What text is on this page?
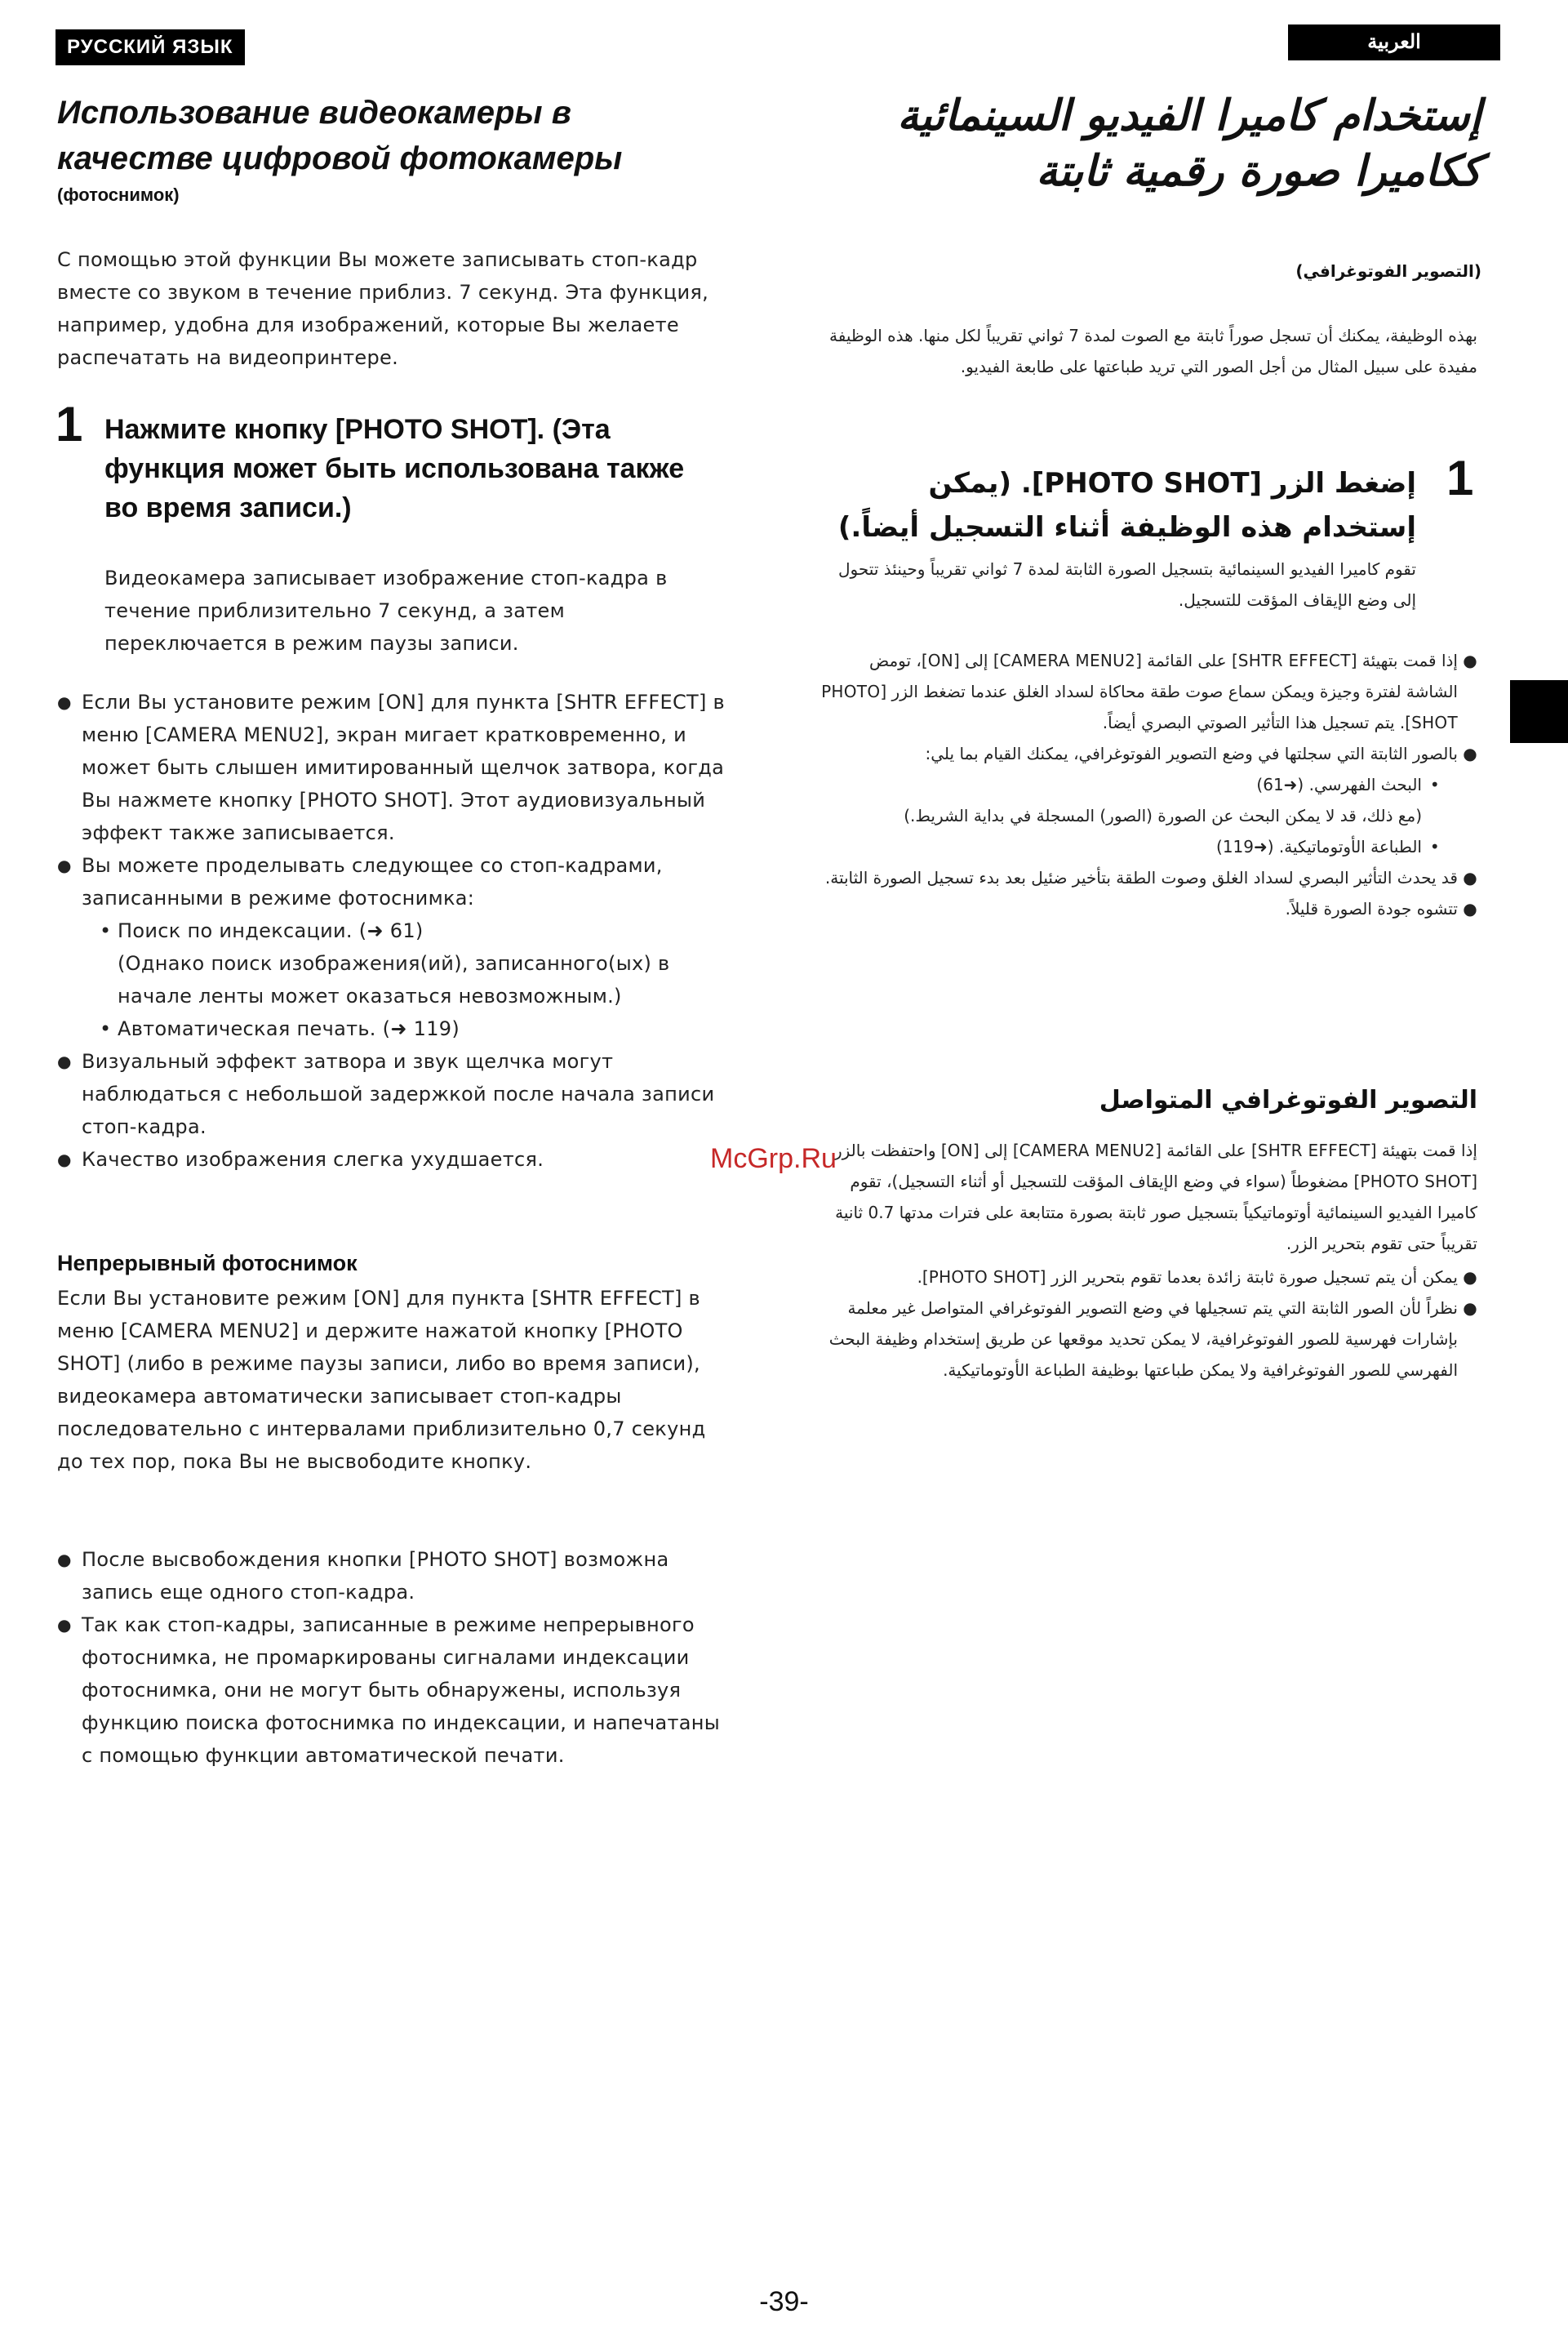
РУССКИЙ ЯЗЫК	العربية
Использование видеокамеры в качестве цифровой фотокамеры
(фотоснимок)

С помощью этой функции Вы можете записывать стоп-кадр вместе со звуком в течение приблиз. 7 секунд. Эта функция, например, удобна для изображений, которые Вы желаете распечатать на видеопринтере.

1 Нажмите кнопку [PHOTO SHOT]. (Эта функция может быть использована также во время записи.)

Видеокамера записывает изображение стоп-кадра в течение приблизительно 7 секунд, а затем переключается в режим паузы записи.

● Если Вы установите режим [ON] для пункта [SHTR EFFECT] в меню [CAMERA MENU2], экран мигает кратковременно, и может быть слышен имитированный щелчок затвора, когда Вы нажмете кнопку [PHOTO SHOT]. Этот аудиовизуальный эффект также записывается.
● Вы можете проделывать следующее со стоп-кадрами, записанными в режиме фотоснимка:
• Поиск по индексации. (➜ 61)
(Однако поиск изображения(ий), записанного(ых) в начале ленты может оказаться невозможным.)
• Автоматическая печать. (➜ 119)
● Визуальный эффект затвора и звук щелчка могут наблюдаться с небольшой задержкой после начала записи стоп-кадра.
● Качество изображения слегка ухудшается.
Непрерывный фотоснимок

Если Вы установите режим [ON] для пункта [SHTR EFFECT] в меню [CAMERA MENU2] и держите нажатой кнопку [PHOTO SHOT] (либо в режиме паузы записи, либо во время записи), видеокамера автоматически записывает стоп-кадры последовательно с интервалами приблизительно 0,7 секунд до тех пор, пока Вы не высвободите кнопку.

● После высвобождения кнопки [PHOTO SHOT] возможна запись еще одного стоп-кадра.
● Так как стоп-кадры, записанные в режиме непрерывного фотоснимка, не промаркированы сигналами индексации фотоснимка, они не могут быть обнаружены, используя функцию поиска фотоснимка по индексации, и напечатаны с помощью функции автоматической печати.
إستخدام كاميرا الفيديو السينمائية ككاميرا صورة رقمية ثابتة
(التصوير الفوتوغرافي)

بهذه الوظيفة، يمكنك أن تسجل صوراً ثابتة مع الصوت لمدة 7 ثواني تقريباً لكل منها. هذه الوظيفة مفيدة على سبيل المثال من أجل الصور التي تريد طباعتها على طابعة الفيديو.

1

إضغط الزر [PHOTO SHOT]. (يمكن إستخدام هذه الوظيفة أثناء التسجيل أيضاً.)

تقوم كاميرا الفيديو السينمائية بتسجيل الصورة الثابتة لمدة 7 ثواني تقريباً وحينئذ تتحول إلى وضع الإيقاف المؤقت للتسجيل.

● إذا قمت بتهيئة [SHTR EFFECT] على القائمة [CAMERA MENU2] إلى [ON]، تومض الشاشة لفترة وجيزة ويمكن سماع صوت طقة محاكاة لسداد الغلق عندما تضغط الزر [PHOTO SHOT]. يتم تسجيل هذا التأثير الصوتي البصري أيضاً.
● بالصور الثابتة التي سجلتها في وضع التصوير الفوتوغرافي، يمكنك القيام بما يلي:
• البحث الفهرسي. (➜61)
(مع ذلك، قد لا يمكن البحث عن الصورة (الصور) المسجلة في بداية الشريط.)
• الطباعة الأوتوماتيكية. (➜119)
● قد يحدث التأثير البصري لسداد الغلق وصوت الطقة بتأخير ضئيل بعد بدء تسجيل الصورة الثابتة.
● تتشوه جودة الصورة قليلاً.
التصوير الفوتوغرافي المتواصل

إذا قمت بتهيئة [SHTR EFFECT] على القائمة [CAMERA MENU2] إلى [ON] واحتفظت بالزر [PHOTO SHOT] مضغوطاً (سواء في وضع الإيقاف المؤقت للتسجيل أو أثناء التسجيل)، تقوم كاميرا الفيديو السينمائية أوتوماتيكياً بتسجيل صور ثابتة بصورة متتابعة على فترات مدتها 0.7 ثانية تقريباً حتى تقوم بتحرير الزر.

● يمكن أن يتم تسجيل صورة ثابتة زائدة بعدما تقوم بتحرير الزر [PHOTO SHOT].
● نظراً لأن الصور الثابتة التي يتم تسجيلها في وضع التصوير الفوتوغرافي المتواصل غير معلمة بإشارات فهرسية للصور الفوتوغرافية، لا يمكن تحديد موقعها عن طريق إستخدام وظيفة البحث الفهرسي للصور الفوتوغرافية ولا يمكن طباعتها بوظيفة الطباعة الأوتوماتيكية.
McGrp.Ru
-39-
